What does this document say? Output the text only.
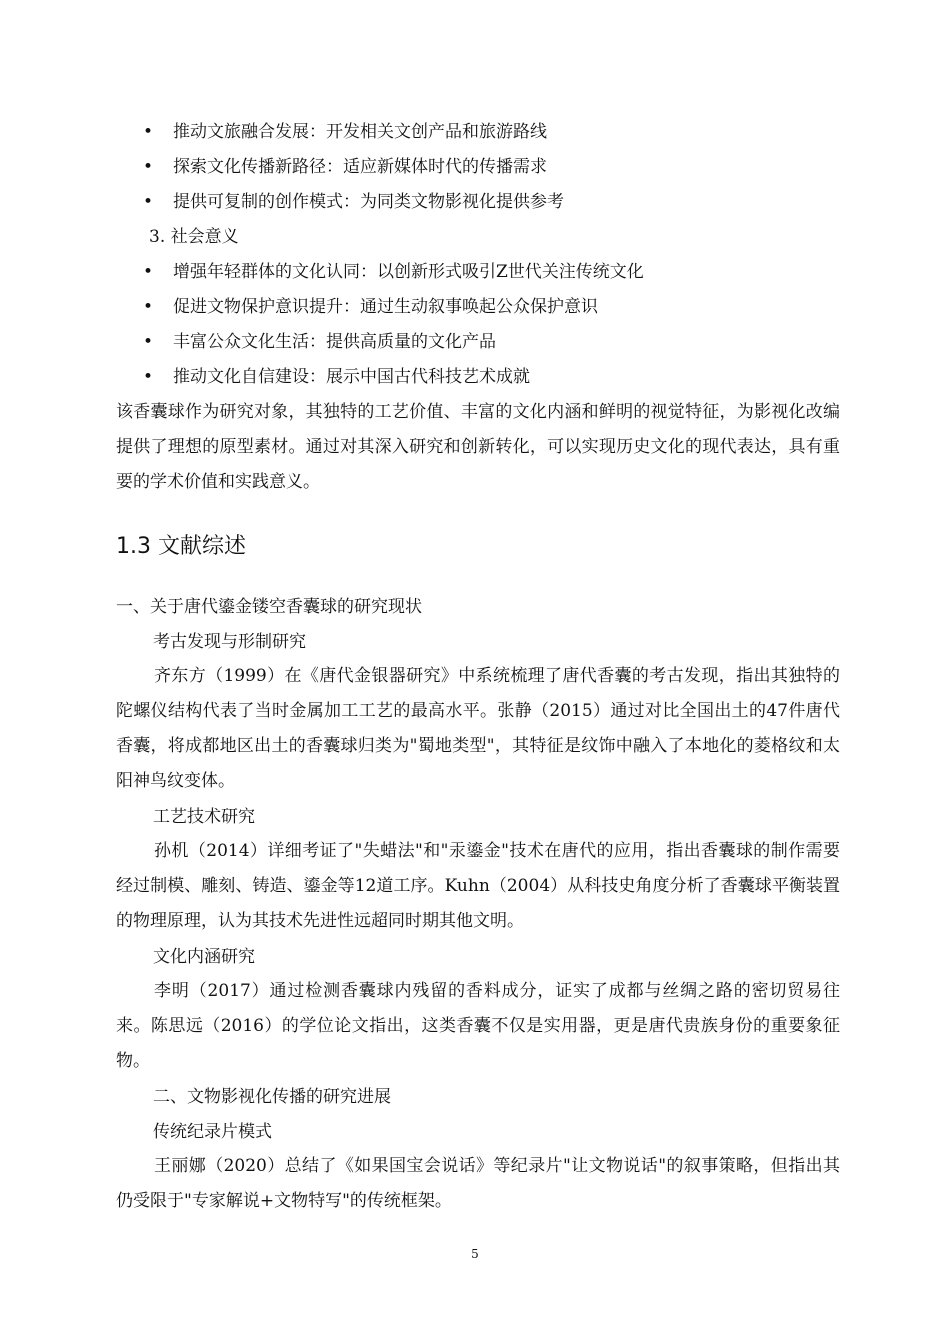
• 推动文旅融合发展：开发相关文创产品和旅游路线
• 探索文化传播新路径：适应新媒体时代的传播需求
• 提供可复制的创作模式：为同类文物影视化提供参考
3. 社会意义
• 增强年轻群体的文化认同：以创新形式吸引Z世代关注传统文化
• 促进文物保护意识提升：通过生动叙事唤起公众保护意识
• 丰富公众文化生活：提供高质量的文化产品
• 推动文化自信建设：展示中国古代科技艺术成就
该香囊球作为研究对象，其独特的工艺价值、丰富的文化内涵和鲜明的视觉特征，为影视化改编提供了理想的原型素材。通过对其深入研究和创新转化，可以实现历史文化的现代表达，具有重要的学术价值和实践意义。
1.3 文献综述
一、关于唐代鎏金镂空香囊球的研究现状
考古发现与形制研究
齐东方（1999）在《唐代金银器研究》中系统梳理了唐代香囊的考古发现，指出其独特的陀螺仪结构代表了当时金属加工工艺的最高水平。张静（2015）通过对比全国出土的47件唐代香囊，将成都地区出土的香囊球归类为"蜀地类型"，其特征是纹饰中融入了本地化的菱格纹和太阳神鸟纹变体。
工艺技术研究
孙机（2014）详细考证了"失蜡法"和"汞鎏金"技术在唐代的应用，指出香囊球的制作需要经过制模、雕刻、铸造、鎏金等12道工序。Kuhn（2004）从科技史角度分析了香囊球平衡装置的物理原理，认为其技术先进性远超同时期其他文明。
文化内涵研究
李明（2017）通过检测香囊球内残留的香料成分，证实了成都与丝绸之路的密切贸易往来。陈思远（2016）的学位论文指出，这类香囊不仅是实用器，更是唐代贵族身份的重要象征物。
二、文物影视化传播的研究进展
传统纪录片模式
王丽娜（2020）总结了《如果国宝会说话》等纪录片"让文物说话"的叙事策略，但指出其仍受限于"专家解说+文物特写"的传统框架。
5
